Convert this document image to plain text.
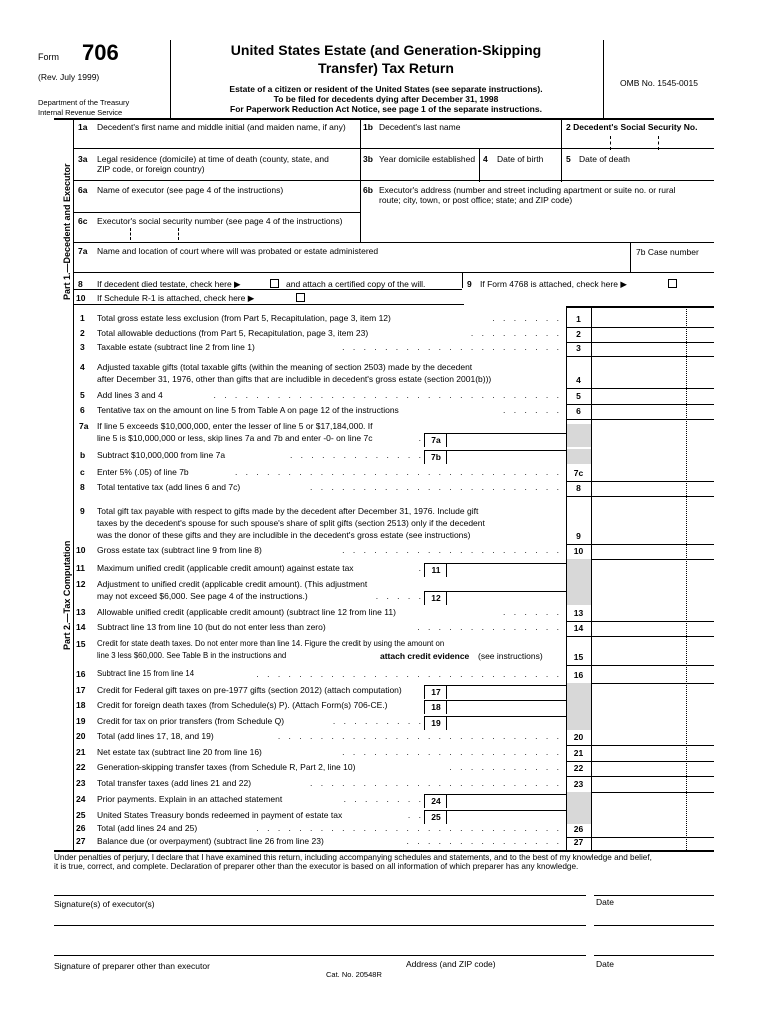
Form 706
(Rev. July 1999)
Department of the Treasury
Internal Revenue Service
United States Estate (and Generation-Skipping
Transfer) Tax Return
Estate of a citizen or resident of the United States (see separate instructions).
To be filed for decedents dying after December 31, 1998
For Paperwork Reduction Act Notice, see page 1 of the separate instructions.
OMB No. 1545-0015
Part 1.—Decedent and Executor
1a Decedent's first name and middle initial (and maiden name, if any) 1b Decedent's last name	2 Decedent's Social Security No.
3a Legal residence (domicile) at time of death (county, state, and
ZIP code, or foreign country)
3b Year domicile established 4 Date of birth	5 Date of death
6a Name of executor (see page 4 of the instructions)	6b Executor's address (number and street including apartment or suite no. or rural
route; city, town, or post office; state; and ZIP code)
6c Executor's social security number (see page 4 of the instructions)
7a Name and location of court where will was probated or estate administered	7b Case number
8 If decedent died testate, check here ▶	and attach a certified copy of the will.	9 If Form 4768 is attached, check here ▶
10 If Schedule R-1 is attached, check here ▶
Part 2.—Tax Computation
1 Total gross estate less exclusion (from Part 5, Recapitulation, page 3, item 12)	. . . . . . .	1
2 Total allowable deductions (from Part 5, Recapitulation, page 3, item 23)	. . . . . . . . .	2
3 Taxable estate (subtract line 2 from line 1)	. . . . . . . . . . . . . . . . . . . . .	3
4 Adjusted taxable gifts (total taxable gifts (within the meaning of section 2503) made by the decedent
after December 31, 1976, other than gifts that are includible in decedent's gross estate (section 2001(b)))	4
5 Add lines 3 and 4	. . . . . . . . . . . . . . . . . . . . . . . . . . . . . . . . .	5
6 Tentative tax on the amount on line 5 from Table A on page 12 of the instructions	. . . . . .	6
7a If line 5 exceeds $10,000,000, enter the lesser of line 5 or $17,184,000. If
line 5 is $10,000,000 or less, skip lines 7a and 7b and enter -0- on line 7c	. 7a
b Subtract $10,000,000 from line 7a	. . . . . . . . . . . . . 7b
c Enter 5% (.05) of line 7b	. . . . . . . . . . . . . . . . . . . . . . . . . . . . . . .	7c
8 Total tentative tax (add lines 6 and 7c)	. . . . . . . . . . . . . . . . . . . . . . . .	8
9 Total gift tax payable with respect to gifts made by the decedent after December 31, 1976. Include gift
taxes by the decedent's spouse for such spouse's share of split gifts (section 2513) only if the decedent
was the donor of these gifts and they are includible in the decedent's gross estate (see instructions)	9
10 Gross estate tax (subtract line 9 from line 8)	. . . . . . . . . . . . . . . . . . . . .	10
11 Maximum unified credit (applicable credit amount) against estate tax	. 11
12 Adjustment to unified credit (applicable credit amount). (This adjustment
may not exceed $6,000. See page 4 of the instructions.)	. . . . . 12
13 Allowable unified credit (applicable credit amount) (subtract line 12 from line 11)	. . . . . .	13
14 Subtract line 13 from line 10 (but do not enter less than zero)	. . . . . . . . . . . . . .	14
15 Credit for state death taxes. Do not enter more than line 14. Figure the credit by using the amount on
line 3 less $60,000. See Table B in the instructions and	attach credit evidence (see instructions)	15
16 Subtract line 15 from line 14	. . . . . . . . . . . . . . . . . . . . . . . . . . . . .	16
17 Credit for Federal gift taxes on pre-1977 gifts (section 2012) (attach computation)	17
18 Credit for foreign death taxes (from Schedule(s) P). (Attach Form(s) 706-CE.)	18
19 Credit for tax on prior transfers (from Schedule Q)	. . . . . . . . . 19
20 Total (add lines 17, 18, and 19)	. . . . . . . . . . . . . . . . . . . . . . . . . . .	20
21 Net estate tax (subtract line 20 from line 16)	. . . . . . . . . . . . . . . . . . . . .	21
22 Generation-skipping transfer taxes (from Schedule R, Part 2, line 10)	. . . . . . . . . . .	22
23 Total transfer taxes (add lines 21 and 22)	. . . . . . . . . . . . . . . . . . . . . . . .	23
24 Prior payments. Explain in an attached statement	. . . . . . . . 24
25 United States Treasury bonds redeemed in payment of estate tax	. . 25
26 Total (add lines 24 and 25)	. . . . . . . . . . . . . . . . . . . . . . . . . . . . .	26
27 Balance due (or overpayment) (subtract line 26 from line 23)	. . . . . . . . . . . . . . .	27
Under penalties of perjury, I declare that I have examined this return, including accompanying schedules and statements, and to the best of my knowledge and belief,
it is true, correct, and complete. Declaration of preparer other than the executor is based on all information of which preparer has any knowledge.
Signature(s) of executor(s)	Date
Signature of preparer other than executor	Address (and ZIP code)	Date
Cat. No. 20548R
